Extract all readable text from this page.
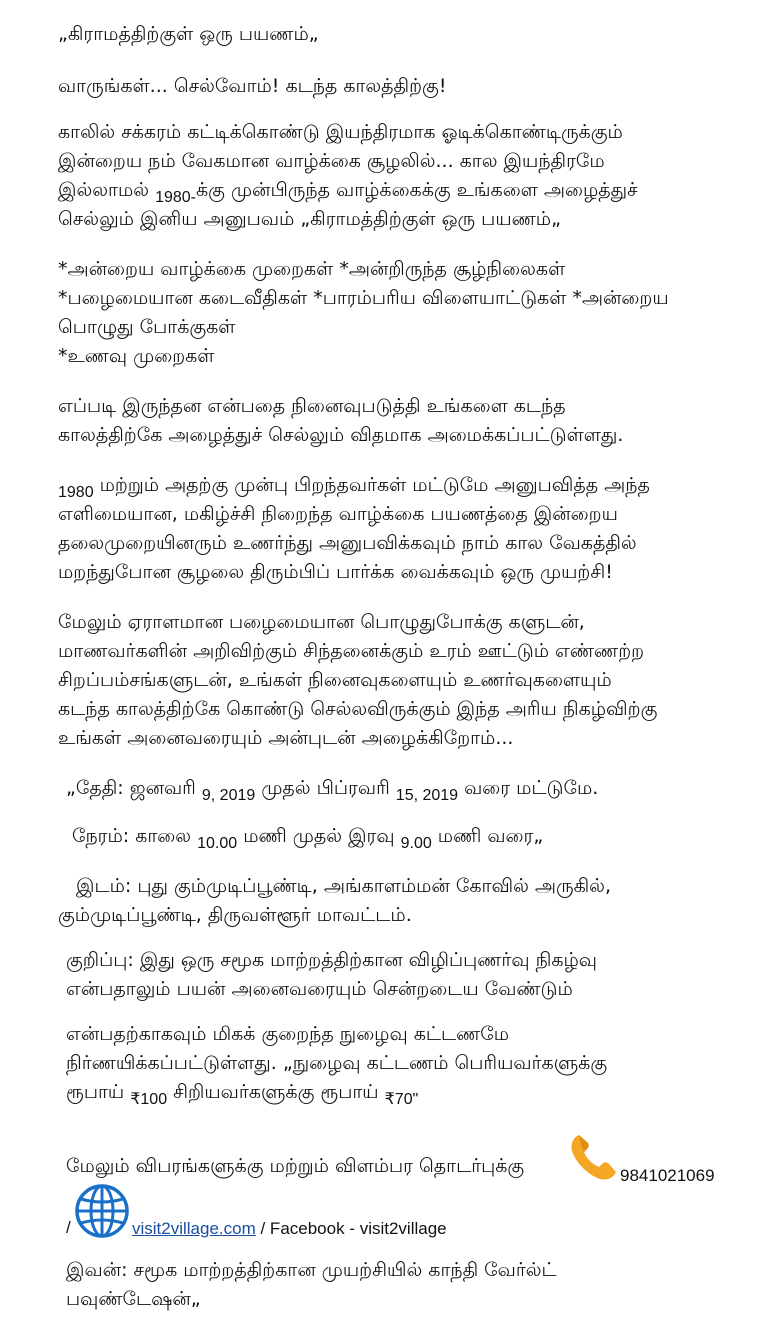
„கிராமத்திற்குள் ஒரு பயணம்„
வாருங்கள்... செல்வோம்! கடந்த காலத்திற்கு!
காலில் சக்கரம் கட்டிக்கொண்டு இயந்திரமாக ஓடிக்கொண்டிருக்கும்
இன்றைய நம் வேகமான வாழ்க்கை சூழலில்... கால இயந்திரமே
இல்லாமல் $_{1980-}$க்கு முன்பிருந்த வாழ்க்கைக்கு உங்களை அழைத்துச்
செல்லும் இனிய அனுபவம் „கிராமத்திற்குள் ஒரு பயணம்„
*அன்றைய வாழ்க்கை முறைகள் *அன்றிருந்த சூழ்நிலைகள்
*பழைமையான கடைவீதிகள் *பாரம்பரிய விளையாட்டுகள் *அன்றைய
பொழுது போக்குகள்
*உணவு முறைகள்
எப்படி இருந்தன என்பதை நினைவுபடுத்தி உங்களை கடந்த
காலத்திற்கே அழைத்துச் செல்லும் விதமாக அமைக்கப்பட்டுள்ளது.
$_{1980}$ மற்றும் அதற்கு முன்பு பிறந்தவர்கள் மட்டுமே அனுபவித்த அந்த
எளிமையான, மகிழ்ச்சி நிறைந்த வாழ்க்கை பயணத்தை இன்றைய
தலைமுறையினரும் உணர்ந்து அனுபவிக்கவும் நாம் கால வேகத்தில்
மறந்துபோன சூழலை திரும்பிப் பார்க்க வைக்கவும் ஒரு முயற்சி!
மேலும் ஏராளமான பழைமையான பொழுதுபோக்கு களுடன்,
மாணவர்களின் அறிவிற்கும் சிந்தனைக்கும் உரம் ஊட்டும் எண்ணற்ற
சிறப்பம்சங்களுடன், உங்கள் நினைவுகளையும் உணர்வுகளையும்
கடந்த காலத்திற்கே கொண்டு செல்லவிருக்கும் இந்த அரிய நிகழ்விற்கு
உங்கள் அனைவரையும் அன்புடன் அழைக்கிறோம்...
„தேதி: ஜனவரி $_{9, 2019}$ முதல் பிப்ரவரி $_{15, 2019}$ வரை மட்டுமே.
நேரம்: காலை $_{10.00}$ மணி முதல் இரவு $_{9.00}$ மணி வரை„
இடம்: புது கும்முடிப்பூண்டி, அங்காளம்மன் கோவில் அருகில்,
கும்முடிப்பூண்டி, திருவள்ளூர் மாவட்டம்.
குறிப்பு: இது ஒரு சமூக மாற்றத்திற்கான விழிப்புணர்வு நிகழ்வு
என்பதாலும் பயன் அனைவரையும் சென்றடைய வேண்டும்
என்பதற்காகவும் மிகக் குறைந்த நுழைவு கட்டணமே
நிர்ணயிக்கப்பட்டுள்ளது. „நுழைவு கட்டணம் பெரியவர்களுக்கு
ரூபாய் $_{₹100}$ சிறியவர்களுக்கு ரூபாய் $_{₹70"}$
மேலும் விபரங்களுக்கு மற்றும் விளம்பர தொடர்புக்கு	9841021069
/	visit2village.com / Facebook - visit2village
இவன்: சமூக மாற்றத்திற்கான முயற்சியில் காந்தி வேர்ல்ட்
பவுண்டேஷன்„
